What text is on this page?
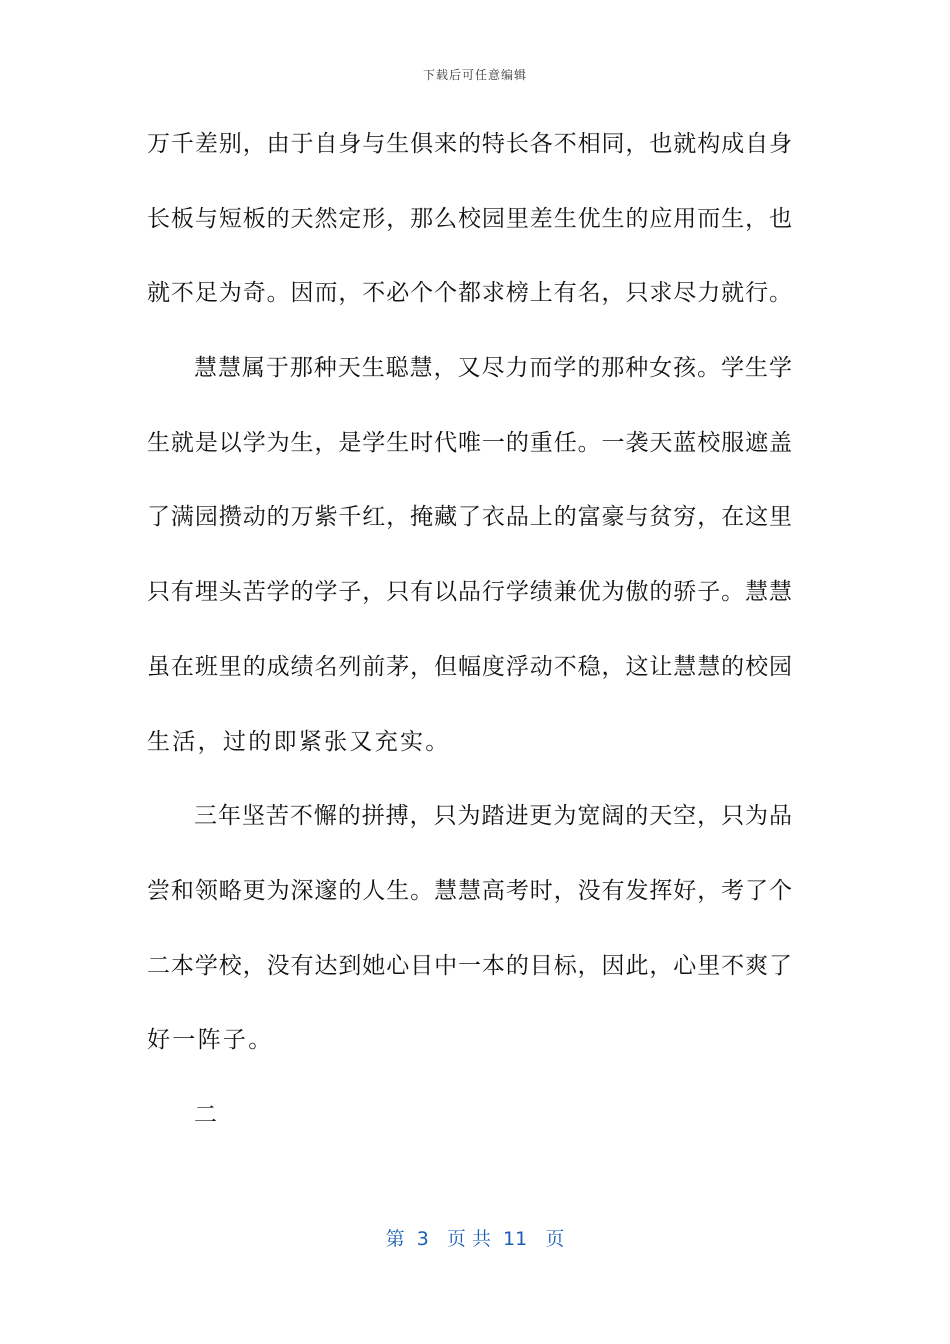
下载后可任意编辑
万千差别，由于自身与生俱来的特长各不相同，也就构成自身
长板与短板的天然定形，那么校园里差生优生的应用而生，也
就不足为奇。因而，不必个个都求榜上有名，只求尽力就行。
慧慧属于那种天生聪慧，又尽力而学的那种女孩。学生学
生就是以学为生，是学生时代唯一的重任。一袭天蓝校服遮盖
了满园攒动的万紫千红，掩藏了衣品上的富豪与贫穷，在这里
只有埋头苦学的学子，只有以品行学绩兼优为傲的骄子。慧慧
虽在班里的成绩名列前茅，但幅度浮动不稳，这让慧慧的校园
生活，过的即紧张又充实。
三年坚苦不懈的拼搏，只为踏进更为宽阔的天空，只为品
尝和领略更为深邃的人生。慧慧高考时，没有发挥好，考了个
二本学校，没有达到她心目中一本的目标，因此，心里不爽了
好一阵子。
二
第  3   页 共  11   页
